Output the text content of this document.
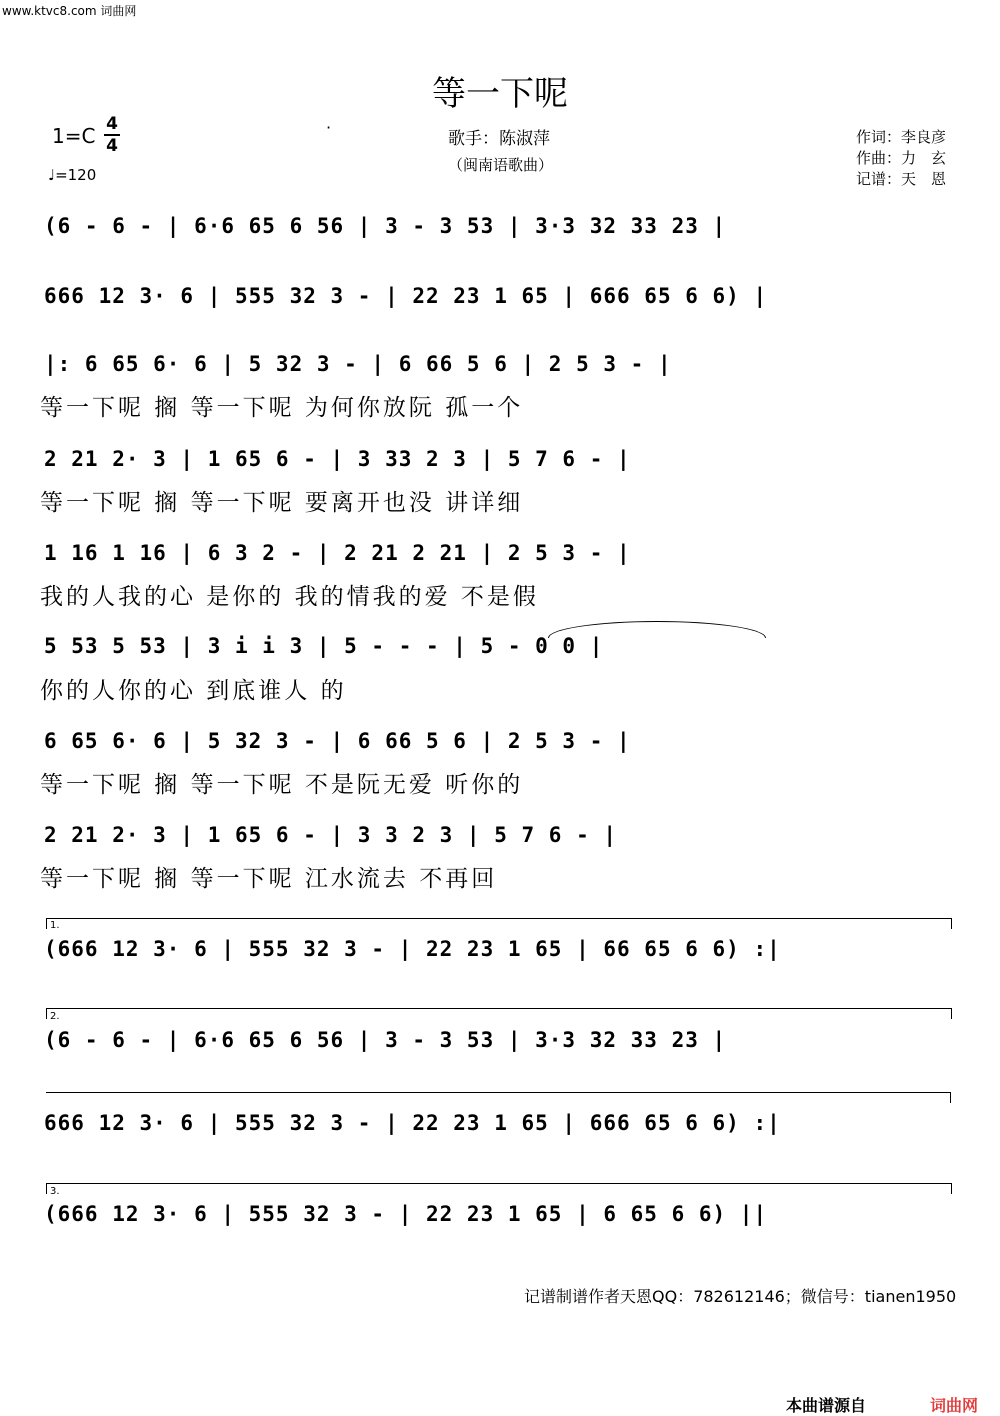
www.ktvc8.com 词曲网
等一下呢
1=C 4
4
♩=120
·
歌手：陈淑萍
（闽南语歌曲）
作词：李良彦
作曲：力　玄
记谱：天　恩
(6 - 6 - | 6·6 65 6 56 | 3 - 3 53 | 3·3 32 33 23 |
666 12 3· 6 | 555 32 3 - | 22 23 1 65 | 666 65 6 6) |
|: 6 65 6· 6 | 5 32 3 - | 6 66 5 6 | 2 5 3 - |
等一下呢 搁 等一下呢 为何你放阮 孤一个
2 21 2· 3 | 1 65 6 - | 3 33 2 3 | 5 7 6 - |
等一下呢 搁 等一下呢 要离开也没 讲详细
1 16 1 16 | 6 3 2 - | 2 21 2 21 | 2 5 3 - |
我的人我的心 是你的 我的情我的爱 不是假
5 53 5 53 | 3 i i 3 | 5 - - - | 5 - 0 0 |
你的人你的心 到底谁人 的
6 65 6· 6 | 5 32 3 - | 6 66 5 6 | 2 5 3 - |
等一下呢 搁 等一下呢 不是阮无爱 听你的
2 21 2· 3 | 1 65 6 - | 3 3 2 3 | 5 7 6 - |
等一下呢 搁 等一下呢 江水流去 不再回
1.
(666 12 3· 6 | 555 32 3 - | 22 23 1 65 | 66 65 6 6) :|
2.
(6 - 6 - | 6·6 65 6 56 | 3 - 3 53 | 3·3 32 33 23 |
666 12 3· 6 | 555 32 3 - | 22 23 1 65 | 666 65 6 6) :|
3.
(666 12 3· 6 | 555 32 3 - | 22 23 1 65 | 6 65 6 6) ||
记谱制谱作者天恩QQ：782612146；微信号：tianen1950
本曲谱源自	词曲网
